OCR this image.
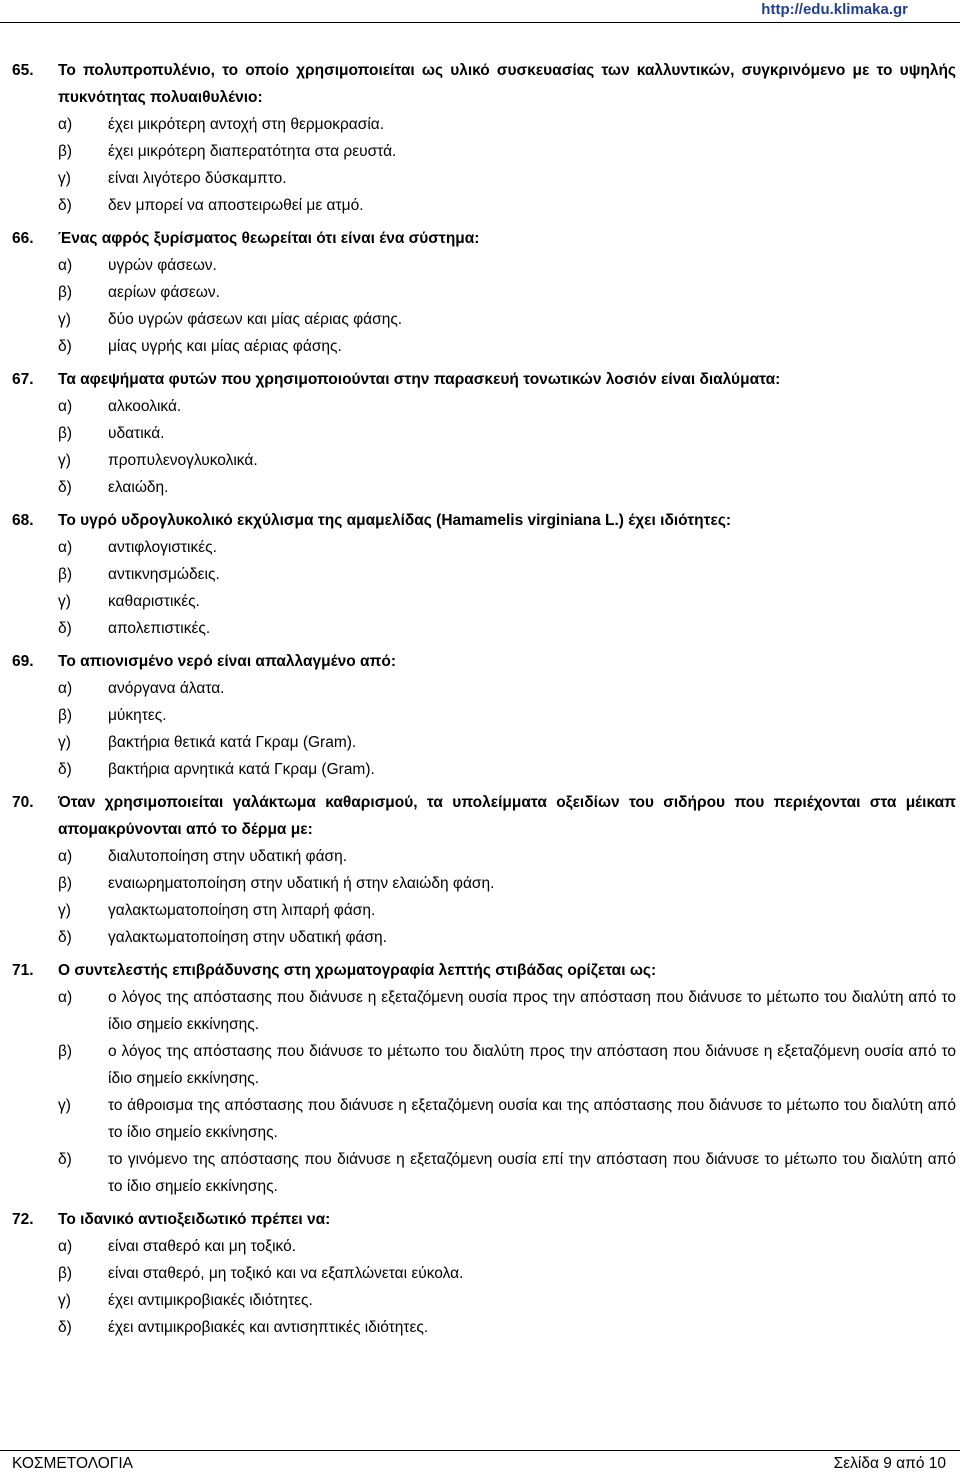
http://edu.klimaka.gr
65.	Το πολυπροπυλένιο, το οποίο χρησιμοποιείται ως υλικό συσκευασίας των καλλυντικών, συγκρινόμενο με το υψηλής πυκνότητας πολυαιθυλένιο:
α)	έχει μικρότερη αντοχή στη θερμοκρασία.
β)	έχει μικρότερη διαπερατότητα στα ρευστά.
γ)	είναι λιγότερο δύσκαμπτο.
δ)	δεν μπορεί να αποστειρωθεί με ατμό.
66.	Ένας αφρός ξυρίσματος θεωρείται ότι είναι ένα σύστημα:
α)	υγρών φάσεων.
β)	αερίων φάσεων.
γ)	δύο υγρών φάσεων και μίας αέριας φάσης.
δ)	μίας υγρής και μίας αέριας φάσης.
67.	Τα αφεψήματα φυτών που χρησιμοποιούνται στην παρασκευή τονωτικών λοσιόν είναι διαλύματα:
α)	αλκοολικά.
β)	υδατικά.
γ)	προπυλενογλυκολικά.
δ)	ελαιώδη.
68.	Το υγρό υδρογλυκολικό εκχύλισμα της αμαμελίδας (Hamamelis virginiana L.) έχει ιδιότητες:
α)	αντιφλογιστικές.
β)	αντικνησμώδεις.
γ)	καθαριστικές.
δ)	απολεπιστικές.
69.	Το απιονισμένο νερό είναι απαλλαγμένο από:
α)	ανόργανα άλατα.
β)	μύκητες.
γ)	βακτήρια θετικά κατά Γκραμ (Gram).
δ)	βακτήρια αρνητικά κατά Γκραμ (Gram).
70.	Όταν χρησιμοποιείται γαλάκτωμα καθαρισμού, τα υπολείμματα οξειδίων του σιδήρου που περιέχονται στα μέικαπ απομακρύνονται από το δέρμα με:
α)	διαλυτοποίηση στην υδατική φάση.
β)	εναιωρηματοποίηση στην υδατική ή στην ελαιώδη φάση.
γ)	γαλακτωματοποίηση στη λιπαρή φάση.
δ)	γαλακτωματοποίηση στην υδατική φάση.
71.	Ο συντελεστής επιβράδυνσης στη χρωματογραφία λεπτής στιβάδας ορίζεται ως:
α)	ο λόγος της απόστασης που διάνυσε η εξεταζόμενη ουσία προς την απόσταση που διάνυσε το μέτωπο του διαλύτη από το ίδιο σημείο εκκίνησης.
β)	ο λόγος της απόστασης που διάνυσε το μέτωπο του διαλύτη προς την απόσταση που διάνυσε η εξεταζόμενη ουσία από το ίδιο σημείο εκκίνησης.
γ)	το άθροισμα της απόστασης που διάνυσε η εξεταζόμενη ουσία και της απόστασης που διάνυσε το μέτωπο του διαλύτη από το ίδιο σημείο εκκίνησης.
δ)	το γινόμενο της απόστασης που διάνυσε η εξεταζόμενη ουσία επί την απόσταση που διάνυσε το μέτωπο του διαλύτη από το ίδιο σημείο εκκίνησης.
72.	Το ιδανικό αντιοξειδωτικό πρέπει να:
α)	είναι σταθερό και μη τοξικό.
β)	είναι σταθερό, μη τοξικό και να εξαπλώνεται εύκολα.
γ)	έχει αντιμικροβιακές ιδιότητες.
δ)	έχει αντιμικροβιακές και αντισηπτικές ιδιότητες.
ΚΟΣΜΕΤΟΛΟΓΙΑ	Σελίδα 9 από 10
